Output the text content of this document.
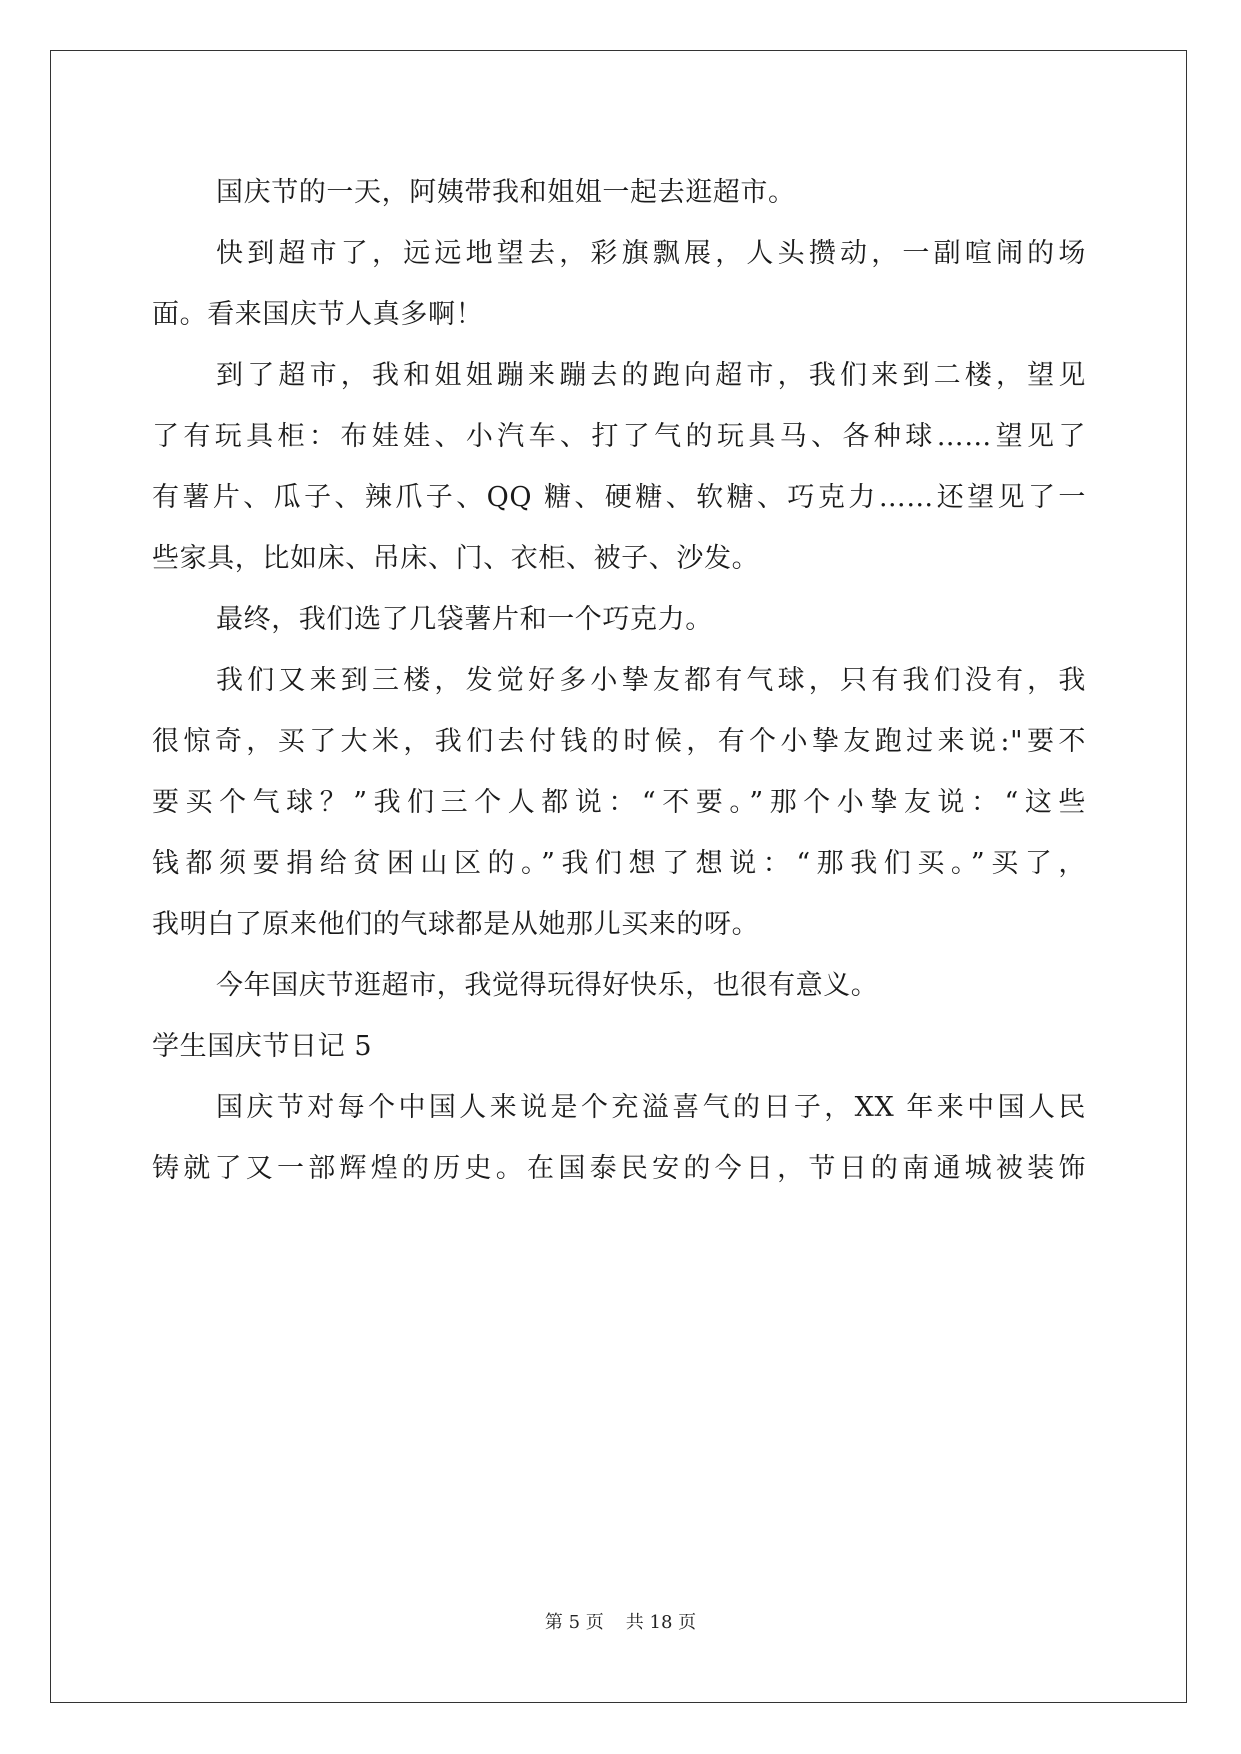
国庆节的一天，阿姨带我和姐姐一起去逛超市。
快到超市了，远远地望去，彩旗飘展，人头攒动，一副喧闹的场
面。看来国庆节人真多啊！
到了超市，我和姐姐蹦来蹦去的跑向超市，我们来到二楼，望见
了有玩具柜：布娃娃、小汽车、打了气的玩具马、各种球……望见了
有薯片、瓜子、辣爪子、QQ 糖、硬糖、软糖、巧克力……还望见了一
些家具，比如床、吊床、门、衣柜、被子、沙发。
最终，我们选了几袋薯片和一个巧克力。
我们又来到三楼，发觉好多小挚友都有气球，只有我们没有，我
很惊奇，买了大米，我们去付钱的时候，有个小挚友跑过来说:"要不
要买个气球？”我们三个人都说：“不要。”那个小挚友说：“这些
钱都须要捐给贫困山区的。”我们想了想说：“那我们买。”买了，
我明白了原来他们的气球都是从她那儿买来的呀。
今年国庆节逛超市，我觉得玩得好快乐，也很有意义。
学生国庆节日记 5
国庆节对每个中国人来说是个充溢喜气的日子，XX 年来中国人民
铸就了又一部辉煌的历史。在国泰民安的今日，节日的南通城被装饰
第 5 页 共 18 页
